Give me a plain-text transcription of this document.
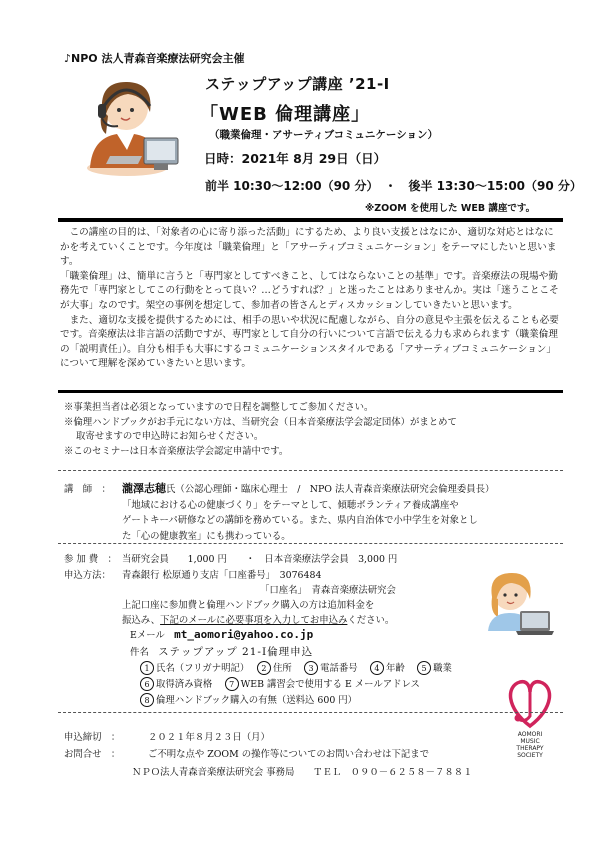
♪NPO 法人青森音楽療法研究会主催
ステップアップ講座 ’21-Ⅰ
「WEB 倫理講座」
（職業倫理・アサーティブコミュニケーション）
日時：2021年 8月 29日（日）
前半 10:30～12:00（90 分）　・　後半 13:30～15:00（90 分）
※ZOOM を使用した WEB 講座です。

この講座の目的は、「対象者の心に寄り添った活動」にするため、より良い支援とはなにか、適切な対応とはなにかを考えていくことです。今年度は「職業倫理」と「アサーティブコミュニケーション」をテーマにしたいと思います。

「職業倫理」は、簡単に言うと「専門家としてすべきこと、してはならないことの基準」です。音楽療法の現場や勤務先で「専門家としてこの行動をとって良い？…どうすれば？」と迷ったことはありませんか。実は「迷うことこそが大事」なのです。架空の事例を想定して、参加者の皆さんとディスカッションしていきたいと思います。

また、適切な支援を提供するためには、相手の思いや状況に配慮しながら、自分の意見や主張を伝えることも必要です。音楽療法は非言語の活動ですが、専門家として自分の行いについて言語で伝える力も求められます（職業倫理の「説明責任」）。自分も相手も大事にするコミュニケーションスタイルである「アサーティブコミュニケーション」について理解を深めていきたいと思います。

※事業担当者は必須となっていますので日程を調整してご参加ください。
※倫理ハンドブックがお手元にない方は、当研究会（日本音楽療法学会認定団体）がまとめて
取寄せますので申込時にお知らせください。
※このセミナーは日本音楽療法学会認定申請中です。
講　師　： 瀧澤志穂氏（公認心理師・臨床心理士　/　NPO 法人青森音楽療法研究会倫理委員長）
「地域における心の健康づくり」をテーマとして、傾聴ボランティア養成講座や
ゲートキーパ研修などの講師を務めている。また、県内自治体で小中学生を対象とし
た「心の健康教室」にも携わっている。
参 加 費　： 当研究会員　　1,000 円　　・　日本音楽療法学会員　3,000 円
申込方法： 青森銀行 松原通り支店「口座番号」　3076484
「口座名」　青森音楽療法研究会
上記口座に参加費と倫理ハンドブック購入の方は追加料金を
振込み、下記のメールに必要事項を入力してお申込みください。
Eメール　 mt_aomori@yahoo.co.jp
件名　 ステップアップ 21-Ⅰ倫理申込
1 氏名（フリガナ明記）　 2 住所　 3 電話番号　 4 年齢　 5 職業
6 取得済み資格　 7 WEB 講習会で使用する E メールアドレス
8 倫理ハンドブック購入の有無（送料込 600 円）
AOMORI
MUSIC
THERAPY
SOCIETY
申込締切　：	２０２１年８月２３日（月）
お問合せ　：	ご不明な点や ZOOM の操作等についてのお問い合わせは下記まで
ＮＰＯ法人青森音楽療法研究会 事務局　　 ＴＥＬ　０９０－６２５８－７８８１
